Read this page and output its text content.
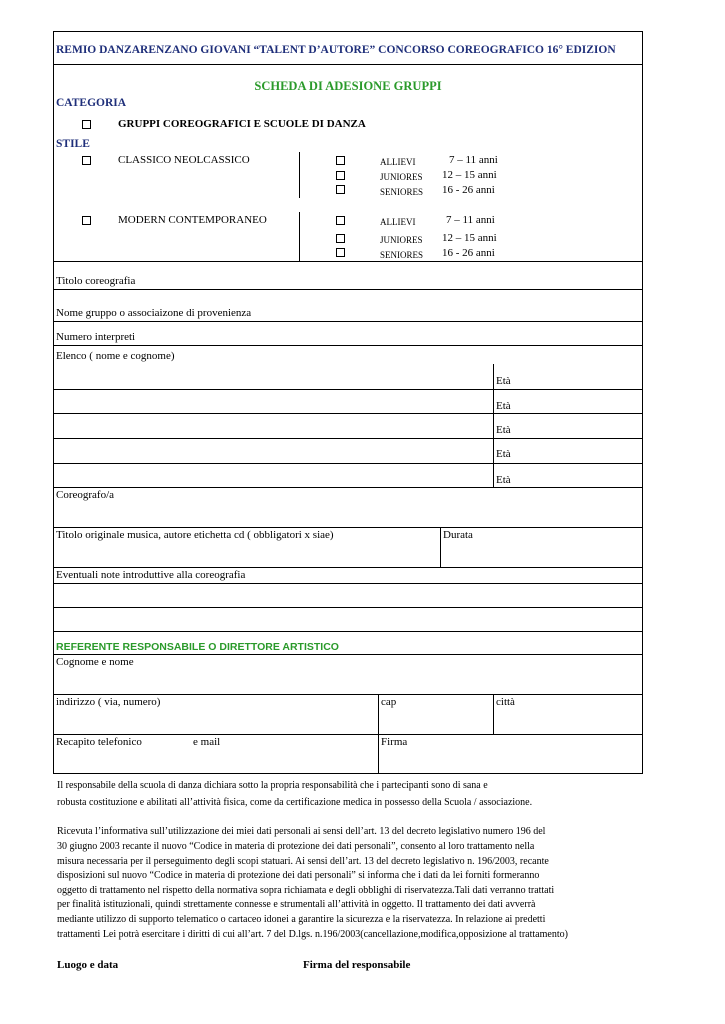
REMIO DANZARENZANO GIOVANI “TALENT D’AUTORE” CONCORSO COREOGRAFICO 16° EDIZION
SCHEDA DI ADESIONE GRUPPI
CATEGORIA
GRUPPI COREOGRAFICI E SCUOLE DI DANZA
STILE
CLASSICO NEOLCASSICO	ALLIEVI	7 – 11 anni
JUNIORES 12 – 15 anni
SENIORES 16 - 26 anni
MODERN CONTEMPORANEO	ALLIEVI	7 – 11 anni
JUNIORES 12 – 15 anni
SENIORES 16 - 26 anni
Titolo coreografia
Nome gruppo o associaizone di provenienza
Numero interpreti
Elenco ( nome e cognome)
Età
Età
Età
Età
Età
Coreografo/a
Titolo originale musica, autore etichetta cd ( obbligatori x siae)	Durata
Eventuali note introduttive alla coreografia
REFERENTE RESPONSABILE O DIRETTORE ARTISTICO
Cognome e nome
indirizzo ( via, numero)	cap	città
Recapito telefonico	e mail	Firma
Il responsabile della scuola di danza dichiara sotto la propria responsabilità che i partecipanti sono di sana e
robusta costituzione e abilitati all’attività fisica, come da certificazione medica in possesso della Scuola / associazione.
Ricevuta l’informativa sull’utilizzazione dei miei dati personali ai sensi dell’art. 13 del decreto legislativo numero 196 del
30 giugno 2003 recante il nuovo “Codice in materia di protezione dei dati personali”, consento al loro trattamento nella
misura necessaria per il perseguimento degli scopi statuari. Ai sensi dell’art. 13 del decreto legislativo n. 196/2003, recante
disposizioni sul nuovo “Codice in materia di protezione dei dati personali” si informa che i dati da lei forniti formeranno
oggetto di trattamento nel rispetto della normativa sopra richiamata e degli obblighi di riservatezza.Tali dati verranno trattati
per finalità istituzionali, quindi strettamente connesse e strumentali all’attività in oggetto. Il trattamento dei dati avverrà
mediante utilizzo di supporto telematico o cartaceo idonei a garantire la sicurezza e la riservatezza. In relazione ai predetti
trattamenti Lei potrà esercitare i diritti di cui all’art. 7 del D.lgs. n.196/2003(cancellazione,modifica,opposizione al trattamento)
Luogo e data	Firma del responsabile
